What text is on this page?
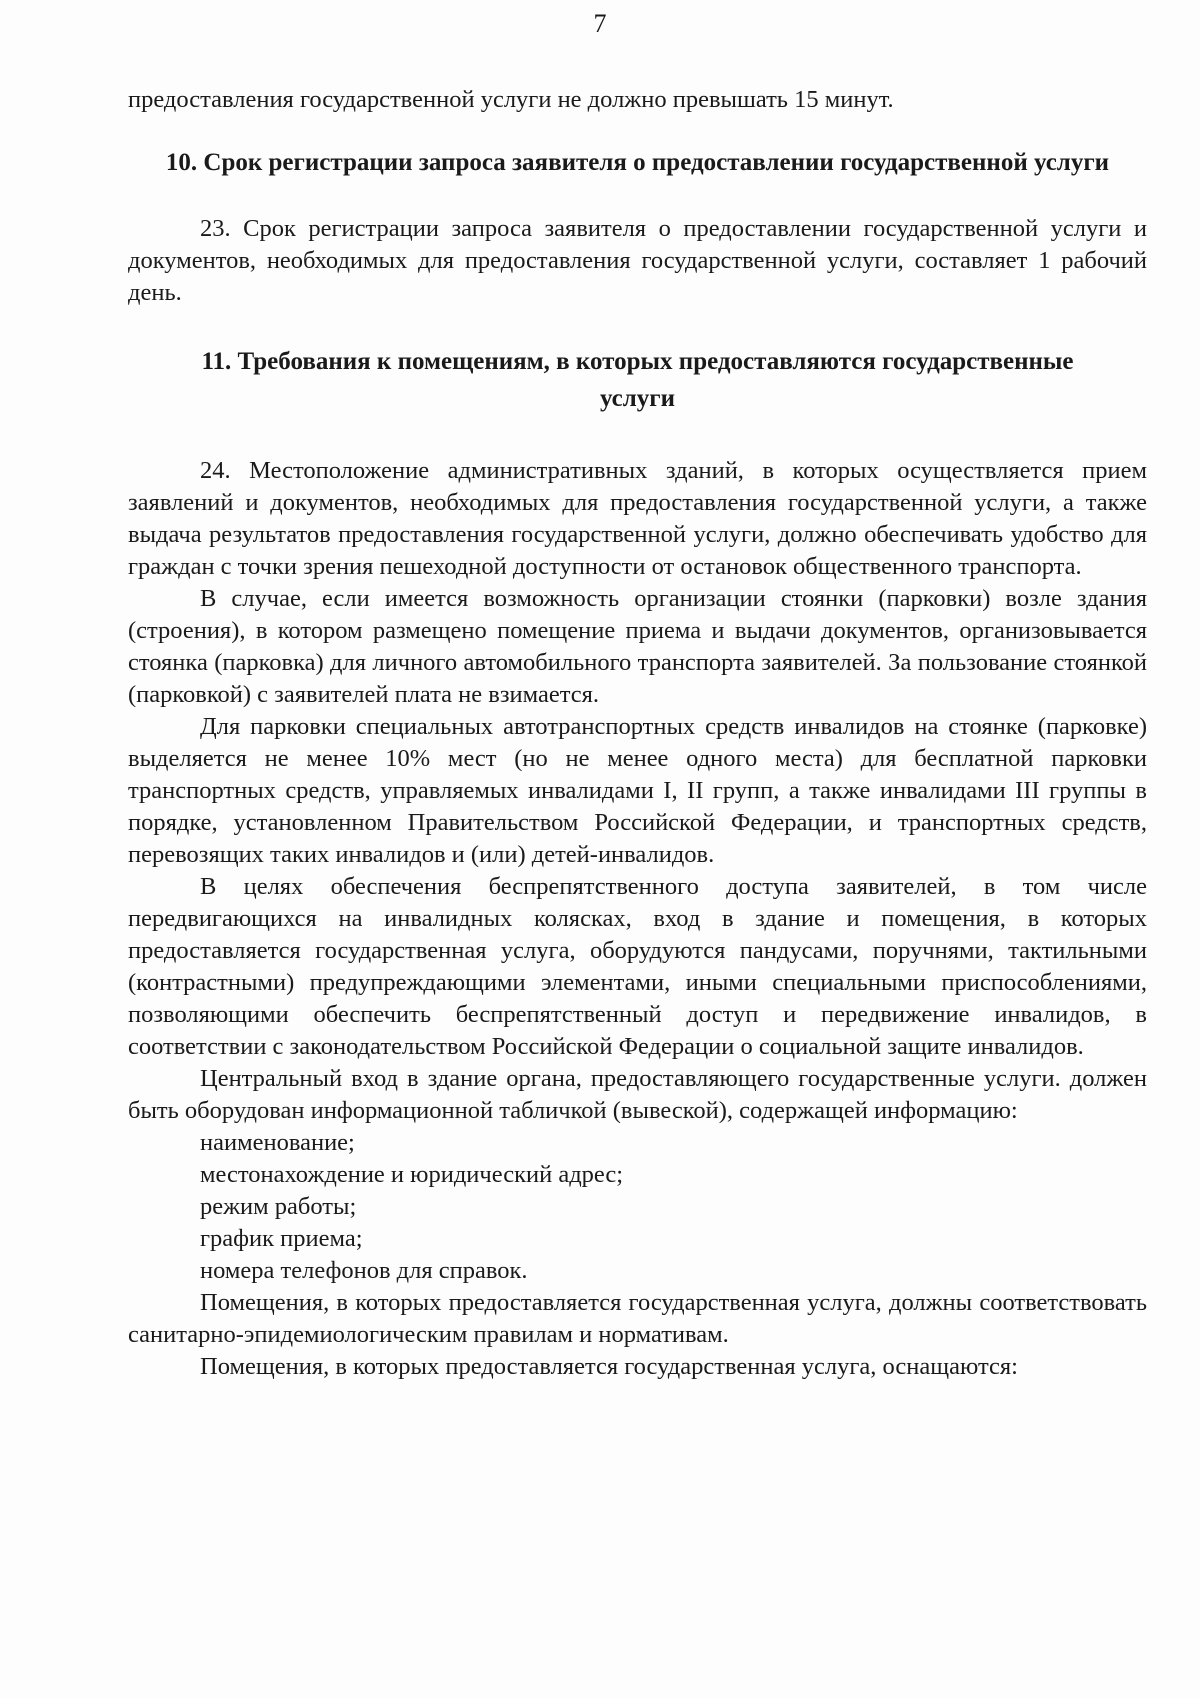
7

предоставления государственной услуги не должно превышать 15 минут.

10. Срок регистрации запроса заявителя о предоставлении государственной услуги

23. Срок регистрации запроса заявителя о предоставлении государственной услуги и документов, необходимых для предоставления государственной услуги, составляет 1 рабочий день.

11. Требования к помещениям, в которых предоставляются государственные услуги

24. Местоположение административных зданий, в которых осуществляется прием заявлений и документов, необходимых для предоставления государственной услуги, а также выдача результатов предоставления государственной услуги, должно обеспечивать удобство для граждан с точки зрения пешеходной доступности от остановок общественного транспорта.

В случае, если имеется возможность организации стоянки (парковки) возле здания (строения), в котором размещено помещение приема и выдачи документов, организовывается стоянка (парковка) для личного автомобильного транспорта заявителей. За пользование стоянкой (парковкой) с заявителей плата не взимается.

Для парковки специальных автотранспортных средств инвалидов на стоянке (парковке) выделяется не менее 10% мест (но не менее одного места) для бесплатной парковки транспортных средств, управляемых инвалидами I, II групп, а также инвалидами III группы в порядке, установленном Правительством Российской Федерации, и транспортных средств, перевозящих таких инвалидов и (или) детей-инвалидов.

В целях обеспечения беспрепятственного доступа заявителей, в том числе передвигающихся на инвалидных колясках, вход в здание и помещения, в которых предоставляется государственная услуга, оборудуются пандусами, поручнями, тактильными (контрастными) предупреждающими элементами, иными специальными приспособлениями, позволяющими обеспечить беспрепятственный доступ и передвижение инвалидов, в соответствии с законодательством Российской Федерации о социальной защите инвалидов.

Центральный вход в здание органа, предоставляющего государственные услуги. должен быть оборудован информационной табличкой (вывеской), содержащей информацию:

наименование;

местонахождение и юридический адрес;

режим работы;

график приема;

номера телефонов для справок.

Помещения, в которых предоставляется государственная услуга, должны соответствовать санитарно-эпидемиологическим правилам и нормативам.

Помещения, в которых предоставляется государственная услуга, оснащаются:
